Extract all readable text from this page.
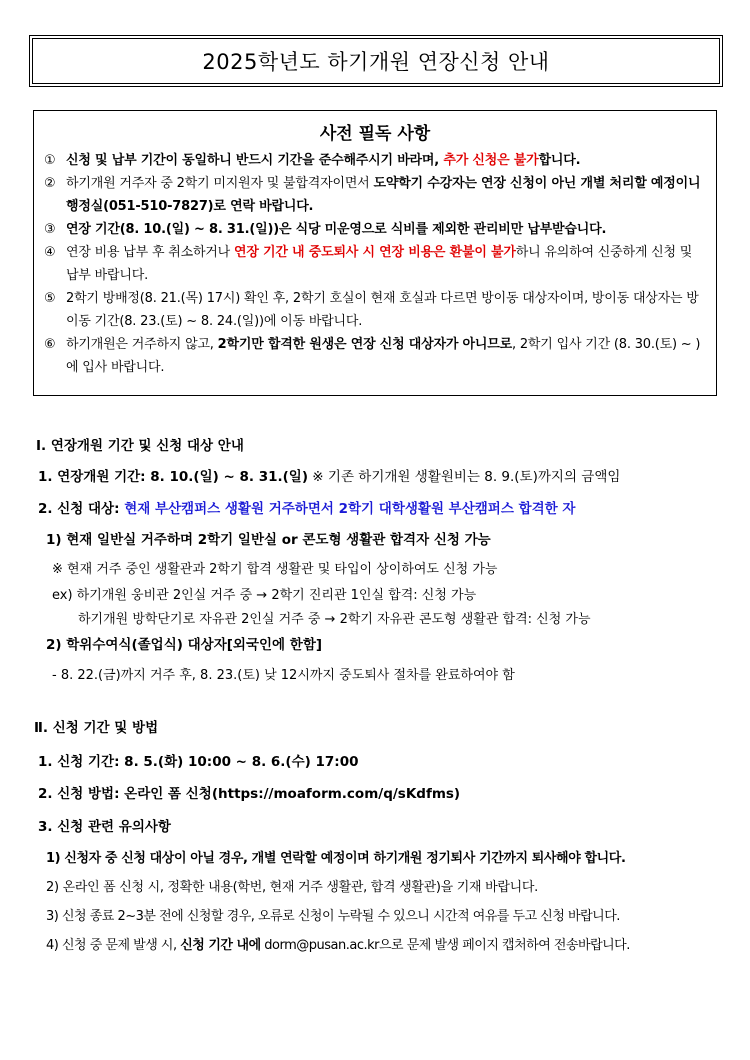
2025학년도 하기개원 연장신청 안내
사전 필독 사항
① 신청 및 납부 기간이 동일하니 반드시 기간을 준수해주시기 바라며, 추가 신청은 불가합니다.
② 하기개원 거주자 중 2학기 미지원자 및 불합격자이면서 도약학기 수강자는 연장 신청이 아닌 개별 처리할 예정이니 행정실(051-510-7827)로 연락 바랍니다.
③ 연장 기간(8. 10.(일) ~ 8. 31.(일))은 식당 미운영으로 식비를 제외한 관리비만 납부받습니다.
④ 연장 비용 납부 후 취소하거나 연장 기간 내 중도퇴사 시 연장 비용은 환불이 불가하니 유의하여 신중하게 신청 및 납부 바랍니다.
⑤ 2학기 방배정(8. 21.(목) 17시) 확인 후, 2학기 호실이 현재 호실과 다르면 방이동 대상자이며, 방이동 대상자는 방이동 기간(8. 23.(토) ~ 8. 24.(일))에 이동 바랍니다.
⑥ 하기개원은 거주하지 않고, 2학기만 합격한 원생은 연장 신청 대상자가 아니므로, 2학기 입사 기간 (8. 30.(토) ~ )에 입사 바랍니다.
Ⅰ. 연장개원 기간 및 신청 대상 안내
1. 연장개원 기간: 8. 10.(일) ~ 8. 31.(일) ※ 기존 하기개원 생활원비는 8. 9.(토)까지의 금액임
2. 신청 대상: 현재 부산캠퍼스 생활원 거주하면서 2학기 대학생활원 부산캠퍼스 합격한 자
1) 현재 일반실 거주하며 2학기 일반실 or 콘도형 생활관 합격자 신청 가능
※ 현재 거주 중인 생활관과 2학기 합격 생활관 및 타입이 상이하여도 신청 가능
ex) 하기개원 웅비관 2인실 거주 중 → 2학기 진리관 1인실 합격: 신청 가능
하기개원 방학단기로 자유관 2인실 거주 중 → 2학기 자유관 콘도형 생활관 합격: 신청 가능
2) 학위수여식(졸업식) 대상자[외국인에 한함]
- 8. 22.(금)까지 거주 후, 8. 23.(토) 낮 12시까지 중도퇴사 절차를 완료하여야 함
Ⅱ. 신청 기간 및 방법
1. 신청 기간: 8. 5.(화) 10:00 ~ 8. 6.(수) 17:00
2. 신청 방법: 온라인 폼 신청(https://moaform.com/q/sKdfms)
3. 신청 관련 유의사항
1) 신청자 중 신청 대상이 아닐 경우, 개별 연락할 예정이며 하기개원 정기퇴사 기간까지 퇴사해야 합니다.
2) 온라인 폼 신청 시, 정확한 내용(학번, 현재 거주 생활관, 합격 생활관)을 기재 바랍니다.
3) 신청 종료 2~3분 전에 신청할 경우, 오류로 신청이 누락될 수 있으니 시간적 여유를 두고 신청 바랍니다.
4) 신청 중 문제 발생 시, 신청 기간 내에 dorm@pusan.ac.kr으로 문제 발생 페이지 캡처하여 전송바랍니다.
